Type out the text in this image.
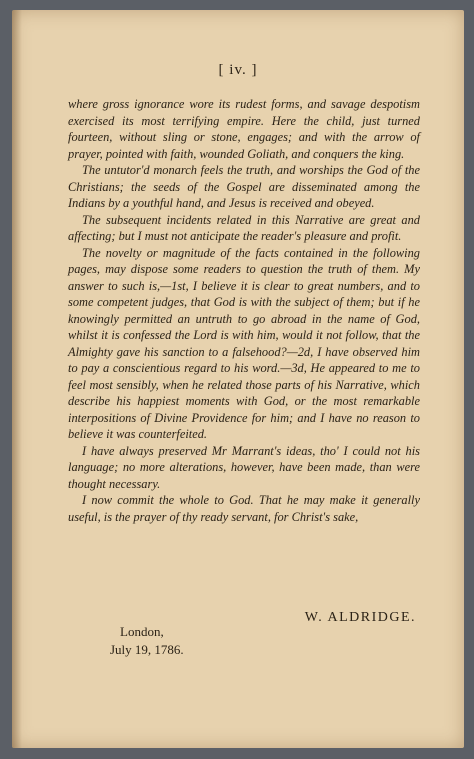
[ iv. ]

where gross ignorance wore its rudest forms, and savage despotism exercised its most terrifying empire. Here the child, just turned fourteen, without sling or stone, engages; and with the arrow of prayer, pointed with faith, wounded Goliath, and conquers the king.

The untutor'd monarch feels the truth, and worships the God of the Christians; the seeds of the Gospel are disseminated among the Indians by a youthful hand, and Jesus is received and obeyed.

The subsequent incidents related in this Narrative are great and affecting; but I must not anticipate the reader's pleasure and profit.

The novelty or magnitude of the facts contained in the following pages, may dispose some readers to question the truth of them. My answer to such is,—1st, I believe it is clear to great numbers, and to some competent judges, that God is with the subject of them; but if he knowingly permitted an untruth to go abroad in the name of God, whilst it is confessed the Lord is with him, would it not follow, that the Almighty gave his sanction to a falsehood?—2d, I have observed him to pay a conscientious regard to his word.—3d, He appeared to me to feel most sensibly, when he related those parts of his Narrative, which describe his happiest moments with God, or the most remarkable interpositions of Divine Providence for him; and I have no reason to believe it was counterfeited.

I have always preserved Mr Marrant's ideas, tho' I could not his language; no more alterations, however, have been made, than were thought necessary.

I now commit the whole to God. That he may make it generally useful, is the prayer of thy ready servant, for Christ's sake,

W. ALDRIDGE.
London,
July 19, 1786.
